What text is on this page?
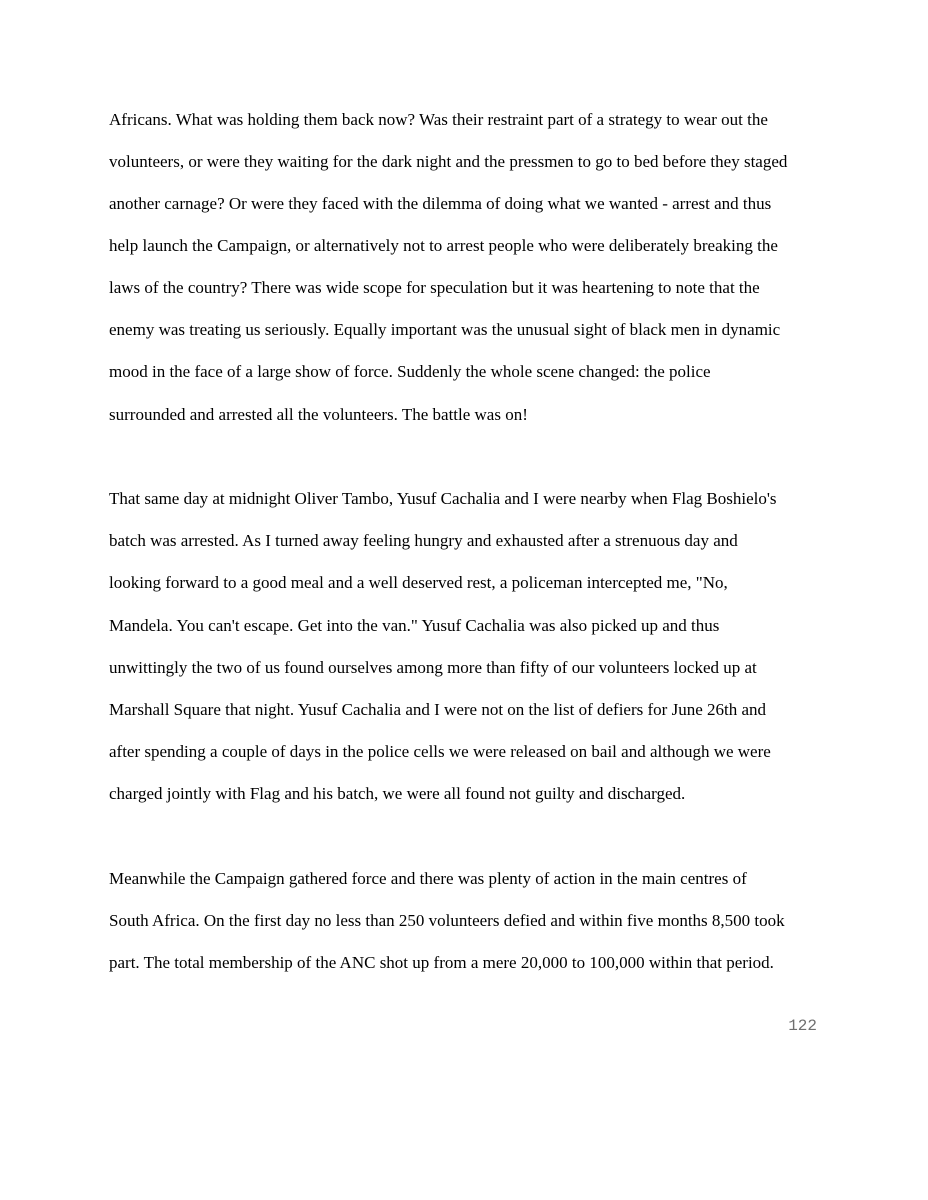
Africans. What was holding them back now? Was their restraint part of a strategy to wear out the
volunteers, or were they waiting for the dark night and the pressmen to go to bed before they staged
another carnage? Or were they faced with the dilemma of doing what we wanted - arrest and thus
help launch the Campaign, or alternatively not to arrest people who were deliberately breaking the
laws of the country? There was wide scope for speculation but it was heartening to note that the
enemy was treating us seriously. Equally important was the unusual sight of black men in dynamic
mood in the face of a large show of force. Suddenly the whole scene changed: the police
surrounded and arrested all the volunteers. The battle was on!
That same day at midnight Oliver Tambo, Yusuf Cachalia and I were nearby when Flag Boshielo's
batch was arrested. As I turned away feeling hungry and exhausted after a strenuous day and
looking forward to a good meal and a well deserved rest, a policeman intercepted me, "No,
Mandela. You can't escape. Get into the van." Yusuf Cachalia was also picked up and thus
unwittingly the two of us found ourselves among more than fifty of our volunteers locked up at
Marshall Square that night. Yusuf Cachalia and I were not on the list of defiers for June 26th and
after spending a couple of days in the police cells we were released on bail and although we were
charged jointly with Flag and his batch, we were all found not guilty and discharged.
Meanwhile the Campaign gathered force and there was plenty of action in the main centres of
South Africa. On the first day no less than 250 volunteers defied and within five months 8,500 took
part. The total membership of the ANC shot up from a mere 20,000 to 100,000 within that period.
122
